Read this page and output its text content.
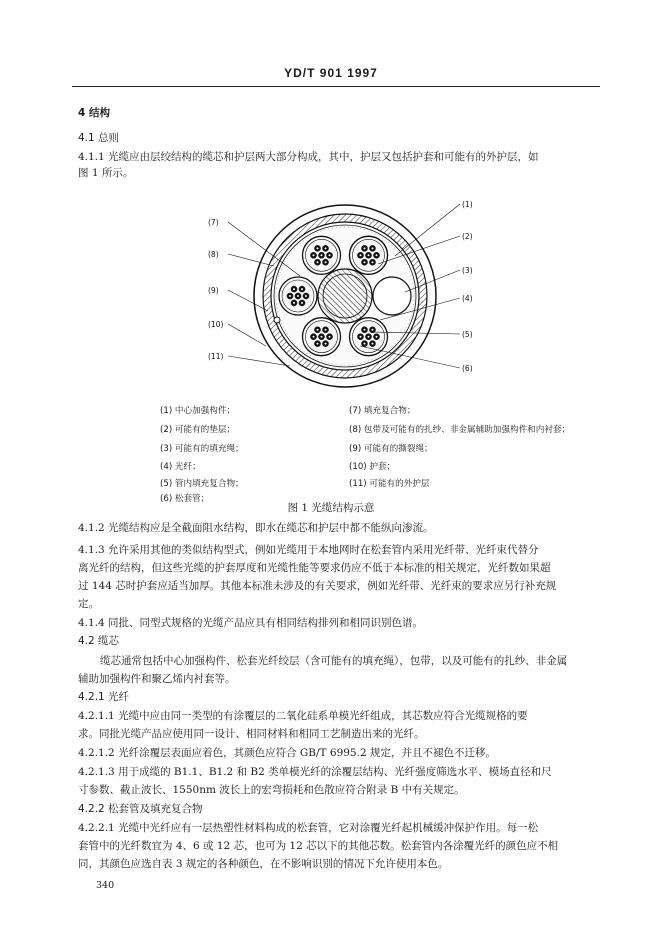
YD/T 901 1997
4 结构
4.1 总则
4.1.1 光缆应由层绞结构的缆芯和护层两大部分构成，其中，护层又包括护套和可能有的外护层，如
图 1 所示。
(1)
(2)
(3)
(4)
(5)
(6)
(7)
(8)
(9)
(10)
(11)
(1) 中心加强构件；
(2) 可能有的垫层；
(3) 可能有的填充绳；
(4) 光纤；
(5) 管内填充复合物；
(6) 松套管；
(7) 填充复合物；
(8) 包带及可能有的扎纱、非金属辅助加强构件和内衬套；
(9) 可能有的撕裂绳；
(10) 护套；
(11) 可能有的外护层
图 1 光缆结构示意
4.1.2 光缆结构应是全截面阻水结构，即水在缆芯和护层中都不能纵向渗流。
4.1.3 允许采用其他的类似结构型式，例如光缆用于本地网时在松套管内采用光纤带、光纤束代替分
离光纤的结构，但这些光缆的护套厚度和光缆性能等要求仍应不低于本标准的相关规定，光纤数如果超
过 144 芯时护套应适当加厚。其他本标准未涉及的有关要求，例如光纤带、光纤束的要求应另行补充规
定。
4.1.4 同批、同型式规格的光缆产品应具有相同结构排列和相同识别色谱。
4.2 缆芯
缆芯通常包括中心加强构件、松套光纤绞层（含可能有的填充绳），包带，以及可能有的扎纱、非金属
辅助加强构件和聚乙烯内衬套等。
4.2.1 光纤
4.2.1.1 光缆中应由同一类型的有涂覆层的二氧化硅系单模光纤组成，其芯数应符合光缆规格的要
求。同批光缆产品应使用同一设计、相同材料和相同工艺制造出来的光纤。
4.2.1.2 光纤涂覆层表面应着色，其颜色应符合 GB/T 6995.2 规定，并且不褪色不迁移。
4.2.1.3 用于成缆的 B1.1、B1.2 和 B2 类单模光纤的涂覆层结构、光纤强度筛选水平、模场直径和尺
寸参数、截止波长、1550nm 波长上的宏弯损耗和色散应符合附录 B 中有关规定。
4.2.2 松套管及填充复合物
4.2.2.1 光缆中光纤应有一层热塑性材料构成的松套管，它对涂覆光纤起机械缓冲保护作用。每一松
套管中的光纤数宜为 4、6 或 12 芯，也可为 12 芯以下的其他芯数。松套管内各涂覆光纤的颜色应不相
同，其颜色应选自表 3 规定的各种颜色，在不影响识别的情况下允许使用本色。
340
